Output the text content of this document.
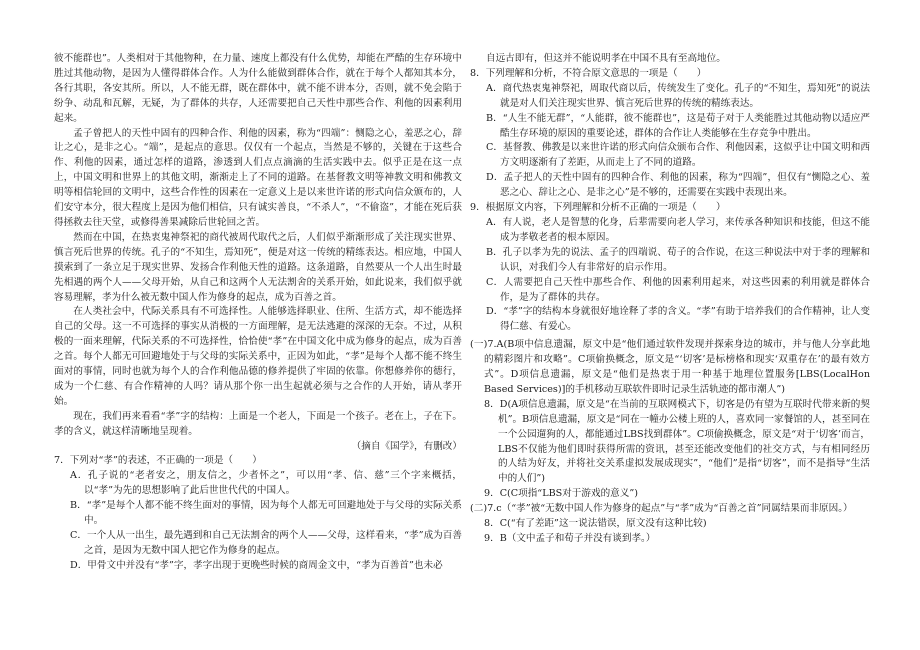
彼不能群也”。人类相对于其他物种，在力量、速度上都没有什么优势，却能在严酷的生存环境中胜过其他动物，是因为人懂得群体合作。人为什么能做到群体合作，就在于每个人都知其本分，各行其职，各安其所。所以，人不能无群，既在群体中，就不能不讲本分，否则，就不免会陷于纷争、动乱和瓦解，无疑，为了群体的共存，人还需要把自己天性中那些合作、利他的因素利用起来。

孟子曾把人的天性中固有的四种合作、利他的因素，称为“四端”：恻隐之心，羞恶之心，辞让之心，是非之心。“端”，是起点的意思。仅仅有一个起点，当然是不够的，关键在于这些合作、利他的因素，通过怎样的道路，渗透到人们点点滴滴的生活实践中去。似乎正是在这一点上，中国文明和世界上的其他文明，渐渐走上了不同的道路。在基督教文明等神教文明和佛教文明等相信轮回的文明中，这些合作性的因素在一定意义上是以来世许诺的形式向信众颁布的，人们安守本分，很大程度上是因为他们相信，只有诚实善良，“不杀人”，“不偷盗”，才能在死后获得拯救去往天堂，或修得善果减除后世轮回之苦。

然而在中国，在热衷鬼神祭祀的商代被周代取代之后，人们似乎渐渐形成了关注现实世界、慎言死后世界的传统。孔子的“不知生，焉知死”，便是对这一传统的精练表达。相应地，中国人摸索到了一条立足于现实世界、发扬合作利他天性的道路。这条道路，自然要从一个人出生时最先相遇的两个人——父母开始，从自己和这两个人无法割舍的关系开始，如此说来，我们似乎就容易理解，孝为什么被无数中国人作为修身的起点，成为百善之首。

在人类社会中，代际关系具有不可选择性。人能够选择职业、住所、生活方式，却不能选择自己的父母。这一不可选择的事实从消极的一方面理解，是无法逃避的深深的无奈。不过，从积极的一面来理解，代际关系的不可选择性，恰恰使“孝”在中国文化中成为修身的起点，成为百善之首。每个人都无可回避地处于与父母的实际关系中，正因为如此，“孝”是每个人都不能不终生面对的事情，同时也就为每个人的合作利他品德的修养提供了牢固的依靠。你想修养你的德行，成为一个仁慈、有合作精神的人吗？请从那个你一出生起就必须与之合作的人开始，请从孝开始。

现在，我们再来看看“孝”字的结构：上面是一个老人，下面是一个孩子。老在上，子在下。孝的含义，就这样清晰地呈现着。

（摘自《国学》，有删改）

7．下列对“孝”的表述，不正确的一项是（　　）

A．孔子说的“老者安之，朋友信之，少者怀之”，可以用“孝、信、慈”三个字来概括，以“孝”为先的思想影响了此后世世代代的中国人。

B．“孝”是每个人都不能不终生面对的事情，因为每个人都无可回避地处于与父母的实际关系中。

C．一个人从一出生，最先遇到和自己无法割舍的两个人——父母，这样看来，“孝”成为百善之首，是因为无数中国人把它作为修身的起点。

D．甲骨文中并没有“孝”字，孝字出现于更晚些时候的商周金文中，“孝为百善首”也未必

自远古即有，但这并不能说明孝在中国不具有至高地位。

8．下列理解和分析，不符合原文意思的一项是（　　）

A．商代热衷鬼神祭祀，周取代商以后，传统发生了变化。孔子的“不知生，焉知死”的说法就是对人们关注现实世界、慎言死后世界的传统的精练表达。

B．“人生不能无群”，“人能群，彼不能群也”，这是荀子对于人类能胜过其他动物以适应严酷生存环境的原因的重要论述，群体的合作让人类能够在生存竞争中胜出。

C．基督教、佛教是以来世许诺的形式向信众颁布合作、利他因素，这似乎让中国文明和西方文明逐渐有了差距，从而走上了不同的道路。

D．孟子把人的天性中固有的四种合作、利他的因素，称为“四端”，但仅有“恻隐之心、羞恶之心、辞让之心、是非之心”是不够的，还需要在实践中表现出来。

9．根据原文内容，下列理解和分析不正确的一项是（　　）

A．有人说，老人是智慧的化身，后辈需要向老人学习，来传承各种知识和技能，但这不能成为孝敬老者的根本原因。

B．孔子以孝为先的说法、孟子的四端说、荀子的合作说，在这三种说法中对于孝的理解和认识，对我们今人有非常好的启示作用。

C．人需要把自己天性中那些合作、利他的因素利用起来，对这些因素的利用就是群体合作，是为了群体的共存。

D．“孝”字的结构本身就很好地诠释了孝的含义。“孝”有助于培养我们的合作精神，让人变得仁慈、有爱心。

(一)7.A(B项中信息遗漏，原文中是“他们通过软件发现并探索身边的城市，并与他人分享此地的精彩图片和攻略”。C项偷换概念，原文是“‘切客’是标榜格和现实‘双重存在’的最有效方式”。D项信息遗漏，原文是“他们是热衷于用一种基于地理位置服务[LBS(LocalHon Based Services)]的手机移动互联软件即时记录生活轨迹的都市潮人”)

8．D(A项信息遗漏，原文是“在当前的互联网模式下，切客是仍有望为互联时代带来新的契机”。B项信息遗漏，原文是“同在一幢办公楼上班的人，喜欢同一家餐馆的人，甚至同在一个公园遛狗的人，都能通过LBS找到群体”。C项偷换概念，原文是“对于‘切客’而言，LBS不仅能为他们即时获得所需的资讯，甚至还能改变他们的社交方式，与有相同经历的人结为好友，并将社交关系虚拟发展成现实”，“他们”是指“切客”，而不是指导“生活中的人们”)

9．C(C项指“LBS对于游戏的意义”)

(二)7.c（“孝”被“无数中国人作为修身的起点”与“孝”成为“百善之首”同属结果而非原因。）

8．C(“有了差距”这一说法错误，原文没有这种比较)

9．B（文中孟子和荀子并没有谈到孝。）
